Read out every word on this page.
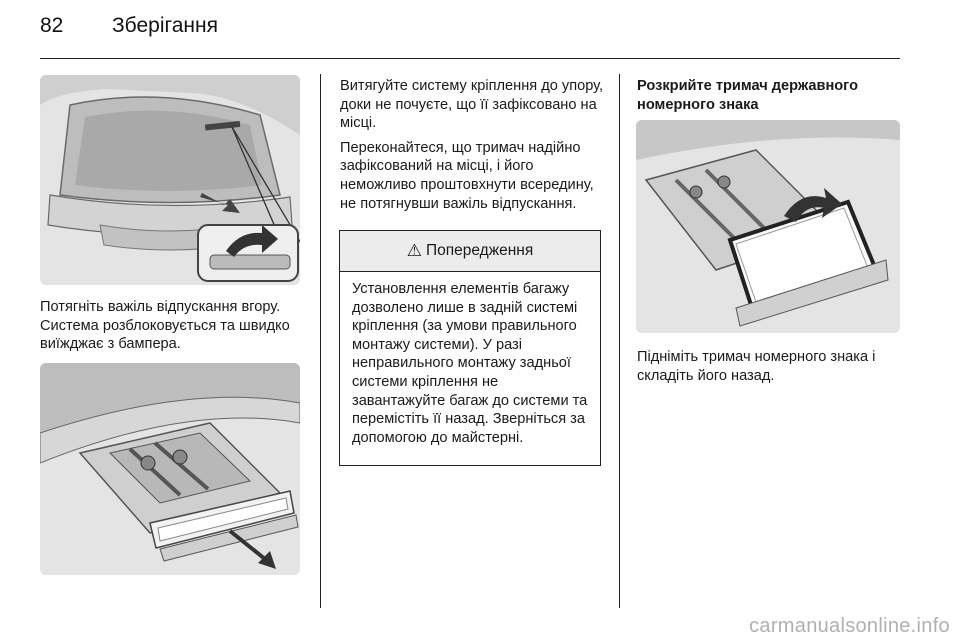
82 Зберігання
Потягніть важіль відпускання вгору. Система розблоковується та швидко виїжджає з бампера.

Витягуйте систему кріплення до упору, доки не почуєте, що її зафіксовано на місці.

Переконайтеся, що тримач надійно зафіксований на місці, і його неможливо проштовхнути всередину, не потягнувши важіль відпускання.

⚠ Попередження
Установлення елементів багажу дозволено лише в задній системі кріплення (за умови правильного монтажу системи). У разі неправильного монтажу задньої системи кріплення не завантажуйте багаж до системи та перемістіть її назад. Зверніться за допомогою до майстерні.
Розкрийте тримач державного номерного знака
Підніміть тримач номерного знака і складіть його назад.
carmanualsonline.info
